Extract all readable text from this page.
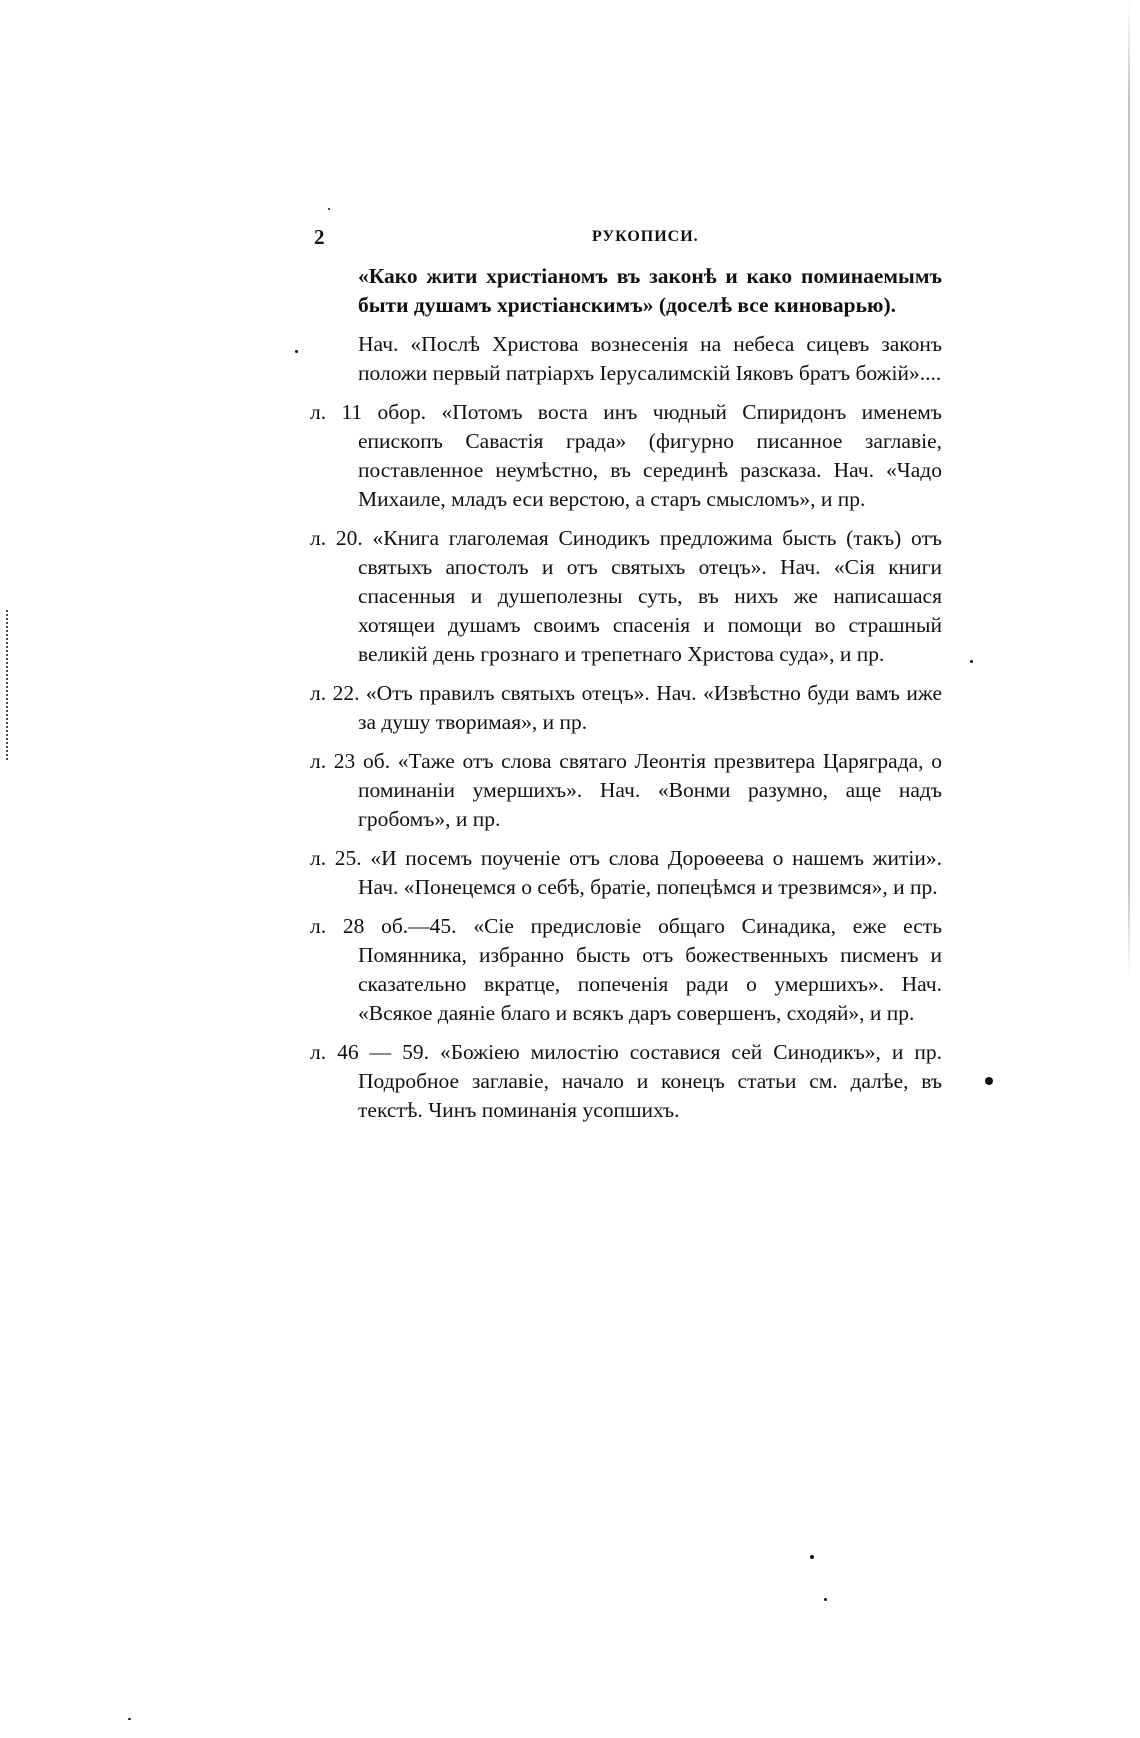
2	РУКОПИСИ.

«Како жити христіаномъ въ законѣ и како поминаемымъ быти душамъ христіанскимъ» (доселѣ все киноварью).

Нач. «Послѣ Христова вознесенія на небеса сицевъ законъ положи первый патріархъ Іерусалимскій Іяковъ братъ божій»....

л. 11 обор. «Потомъ воста инъ чюдный Спиридонъ именемъ епископъ Савастія града» (фигурно писанное заглавіе, поставленное неумѣстно, въ серединѣ разсказа. Нач. «Чадо Михаиле, младъ еси верстою, а старъ смысломъ», и пр.

л. 20. «Книга глаголемая Синодикъ предложима бысть (такъ) отъ святыхъ апостолъ и отъ святыхъ отецъ». Нач. «Сія книги спасенныя и душеполезны суть, въ нихъ же написашася хотящеи душамъ своимъ спасенія и помощи во страшный великій день грознаго и трепетнаго Христова суда», и пр.

л. 22. «Отъ правилъ святыхъ отецъ». Нач. «Извѣстно буди вамъ иже за душу творимая», и пр.

л. 23 об. «Таже отъ слова святаго Леонтія презвитера Царяграда, о поминаніи умершихъ». Нач. «Вонми разумно, аще надъ гробомъ», и пр.

л. 25. «И посемъ поученіе отъ слова Дороѳеева о нашемъ житіи». Нач. «Понецемся о себѣ, братіе, попецѣмся и трезвимся», и пр.

л. 28 об.—45. «Сіе предисловіе общаго Синадика, еже есть Помянника, избранно бысть отъ божественныхъ писменъ и сказательно вкратце, попеченія ради о умершихъ». Нач. «Всякое даяніе благо и всякъ даръ совершенъ, сходяй», и пр.

л. 46 — 59. «Божіею милостію составися сей Синодикъ», и пр. Подробное заглавіе, начало и конецъ статьи см. далѣе, въ текстѣ. Чинъ поминанія усопшихъ.
